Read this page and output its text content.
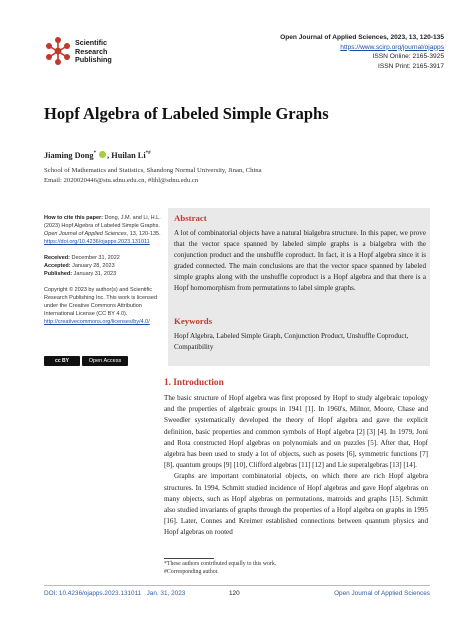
Scientific
Research
Publishing
Open Journal of Applied Sciences, 2023, 13, 120-135
https://www.scirp.org/journal/ojapps
ISSN Online: 2165-3925
ISSN Print: 2165-3917
Hopf Algebra of Labeled Simple Graphs
Jiaming Dong* , Huilan Li*#
School of Mathematics and Statistics, Shandong Normal University, Jinan, China
Email: 2020020446@stu.sdnu.edu.cn, #lihl@sdnu.edu.cn
How to cite this paper: Dong, J.M. and Li, H.L. (2023) Hopf Algebra of Labeled Simple Graphs. Open Journal of Applied Sciences, 13, 120-135.
https://doi.org/10.4236/ojapps.2023.131011
Received: December 31, 2022
Accepted: January 28, 2023
Published: January 31, 2023
Copyright © 2023 by author(s) and Scientific Research Publishing Inc. This work is licensed under the Creative Commons Attribution International License (CC BY 4.0).
http://creativecommons.org/licenses/by/4.0/
cc BY	Open Access
Abstract
A lot of combinatorial objects have a natural bialgebra structure. In this paper, we prove that the vector space spanned by labeled simple graphs is a bialgebra with the conjunction product and the unshuffle coproduct. In fact, it is a Hopf algebra since it is graded connected. The main conclusions are that the vector space spanned by labeled simple graphs along with the unshuffle coproduct is a Hopf algebra and that there is a Hopf homomorphism from permutations to label simple graphs.
Keywords
Hopf Algebra, Labeled Simple Graph, Conjunction Product, Unshuffle Coproduct, Compatibility
1. Introduction

The basic structure of Hopf algebra was first proposed by Hopf to study algebraic topology and the properties of algebraic groups in 1941 [1]. In 1960's, Milnor, Moore, Chase and Sweedler systematically developed the theory of Hopf algebra and gave the explicit definition, basic properties and common symbols of Hopf algebra [2] [3] [4]. In 1979, Joni and Rota constructed Hopf algebras on polynomials and on puzzles [5]. After that, Hopf algebra has been used to study a lot of objects, such as posets [6], symmetric functions [7] [8], quantum groups [9] [10], Clifford algebras [11] [12] and Lie superalgebras [13] [14].

Graphs are important combinatorial objects, on which there are rich Hopf algebra structures. In 1994, Schmitt studied incidence of Hopf algebras and gave Hopf algebras on many objects, such as Hopf algebras on permutations, matroids and graphs [15]. Schmitt also studied invariants of graphs through the properties of a Hopf algebra on graphs in 1995 [16]. Later, Connes and Kreimer established connections between quantum physics and Hopf algebras on rooted

*These authors contributed equally to this work.
#Corresponding author.
DOI: 10.4236/ojapps.2023.131011 Jan. 31, 2023	120	Open Journal of Applied Sciences
